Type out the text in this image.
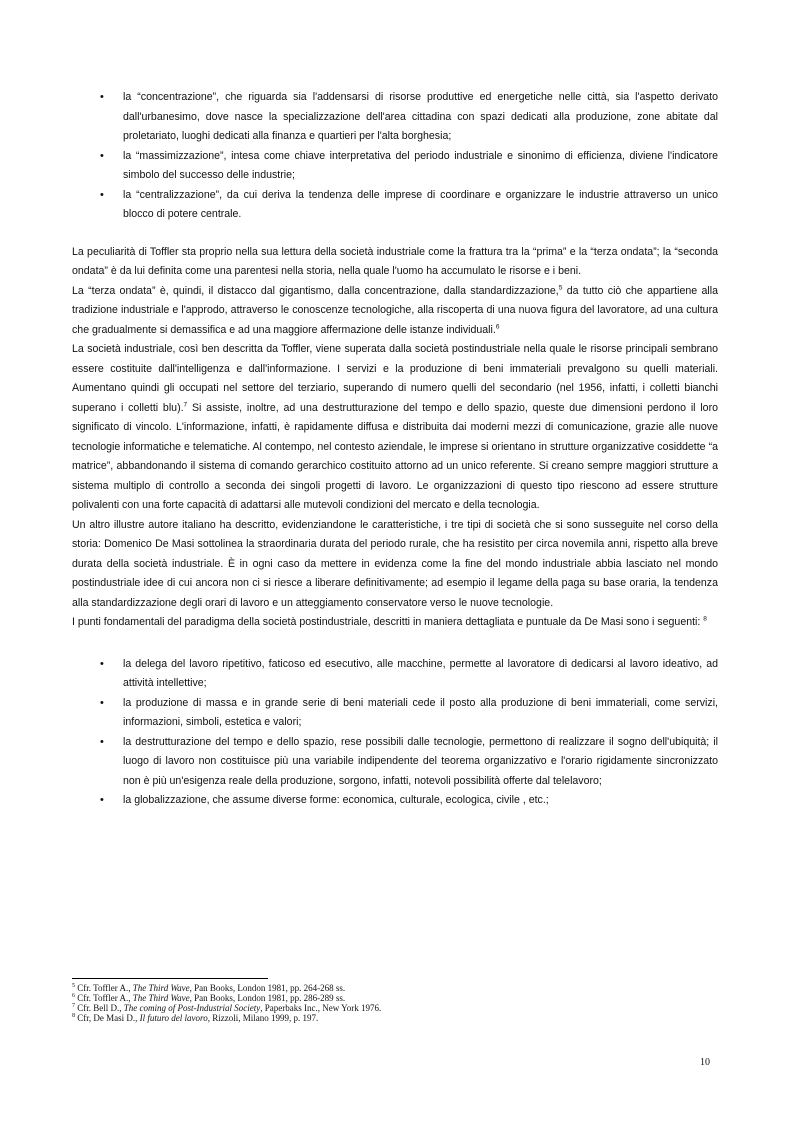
• la “concentrazione”, che riguarda sia l'addensarsi di risorse produttive ed energetiche nelle città, sia l'aspetto derivato dall'urbanesimo, dove nasce la specializzazione dell'area cittadina con spazi dedicati alla produzione, zone abitate dal proletariato, luoghi dedicati alla finanza e quartieri per l'alta borghesia;
• la “massimizzazione”, intesa come chiave interpretativa del periodo industriale e sinonimo di efficienza, diviene l'indicatore simbolo del successo delle industrie;
• la “centralizzazione”, da cui deriva la tendenza delle imprese di coordinare e organizzare le industrie attraverso un unico blocco di potere centrale.

La peculiarità di Toffler sta proprio nella sua lettura della società industriale come la frattura tra la “prima” e la “terza ondata”; la “seconda ondata” è da lui definita come una parentesi nella storia, nella quale l'uomo ha accumulato le risorse e i beni.

La “terza ondata” è, quindi, il distacco dal gigantismo, dalla concentrazione, dalla standardizzazione,$^5$ da tutto ciò che appartiene alla tradizione industriale e l'approdo, attraverso le conoscenze tecnologiche, alla riscoperta di una nuova figura del lavoratore, ad una cultura che gradualmente si demassifica e ad una maggiore affermazione delle istanze individuali.$^6$

La società industriale, così ben descritta da Toffler, viene superata dalla società postindustriale nella quale le risorse principali sembrano essere costituite dall'intelligenza e dall'informazione. I servizi e la produzione di beni immateriali prevalgono su quelli materiali. Aumentano quindi gli occupati nel settore del terziario, superando di numero quelli del secondario (nel 1956, infatti, i colletti bianchi superano i colletti blu).$^7$ Si assiste, inoltre, ad una destrutturazione del tempo e dello spazio, queste due dimensioni perdono il loro significato di vincolo. L'informazione, infatti, è rapidamente diffusa e distribuita dai moderni mezzi di comunicazione, grazie alle nuove tecnologie informatiche e telematiche. Al contempo, nel contesto aziendale, le imprese si orientano in strutture organizzative cosiddette “a matrice”, abbandonando il sistema di comando gerarchico costituito attorno ad un unico referente. Si creano sempre maggiori strutture a sistema multiplo di controllo a seconda dei singoli progetti di lavoro. Le organizzazioni di questo tipo riescono ad essere strutture polivalenti con una forte capacità di adattarsi alle mutevoli condizioni del mercato e della tecnologia.

Un altro illustre autore italiano ha descritto, evidenziandone le caratteristiche, i tre tipi di società che si sono susseguite nel corso della storia: Domenico De Masi sottolinea la straordinaria durata del periodo rurale, che ha resistito per circa novemila anni, rispetto alla breve durata della società industriale. È in ogni caso da mettere in evidenza come la fine del mondo industriale abbia lasciato nel mondo postindustriale idee di cui ancora non ci si riesce a liberare definitivamente; ad esempio il legame della paga su base oraria, la tendenza alla standardizzazione degli orari di lavoro e un atteggiamento conservatore verso le nuove tecnologie.

I punti fondamentali del paradigma della società postindustriale, descritti in maniera dettagliata e puntuale da De Masi sono i seguenti: $^8$

• la delega del lavoro ripetitivo, faticoso ed esecutivo, alle macchine, permette al lavoratore di dedicarsi al lavoro ideativo, ad attività intellettive;
• la produzione di massa e in grande serie di beni materiali cede il posto alla produzione di beni immateriali, come servizi, informazioni, simboli, estetica e valori;
• la destrutturazione del tempo e dello spazio, rese possibili dalle tecnologie, permettono di realizzare il sogno dell'ubiquità; il luogo di lavoro non costituisce più una variabile indipendente del teorema organizzativo e l'orario rigidamente sincronizzato non è più un'esigenza reale della produzione, sorgono, infatti, notevoli possibilità offerte dal telelavoro;
• la globalizzazione, che assume diverse forme: economica, culturale, ecologica, civile , etc.;
$^5$ Cfr. Toffler A., The Third Wave, Pan Books, London 1981, pp. 264-268 ss.
$^6$ Cfr. Toffler A., The Third Wave, Pan Books, London 1981, pp. 286-289 ss.
$^7$ Cfr. Bell D., The coming of Post-Industrial Society, Paperbaks Inc., New York 1976.
$^8$ Cfr, De Masi D., Il futuro del lavoro, Rizzoli, Milano 1999, p. 197.
10
